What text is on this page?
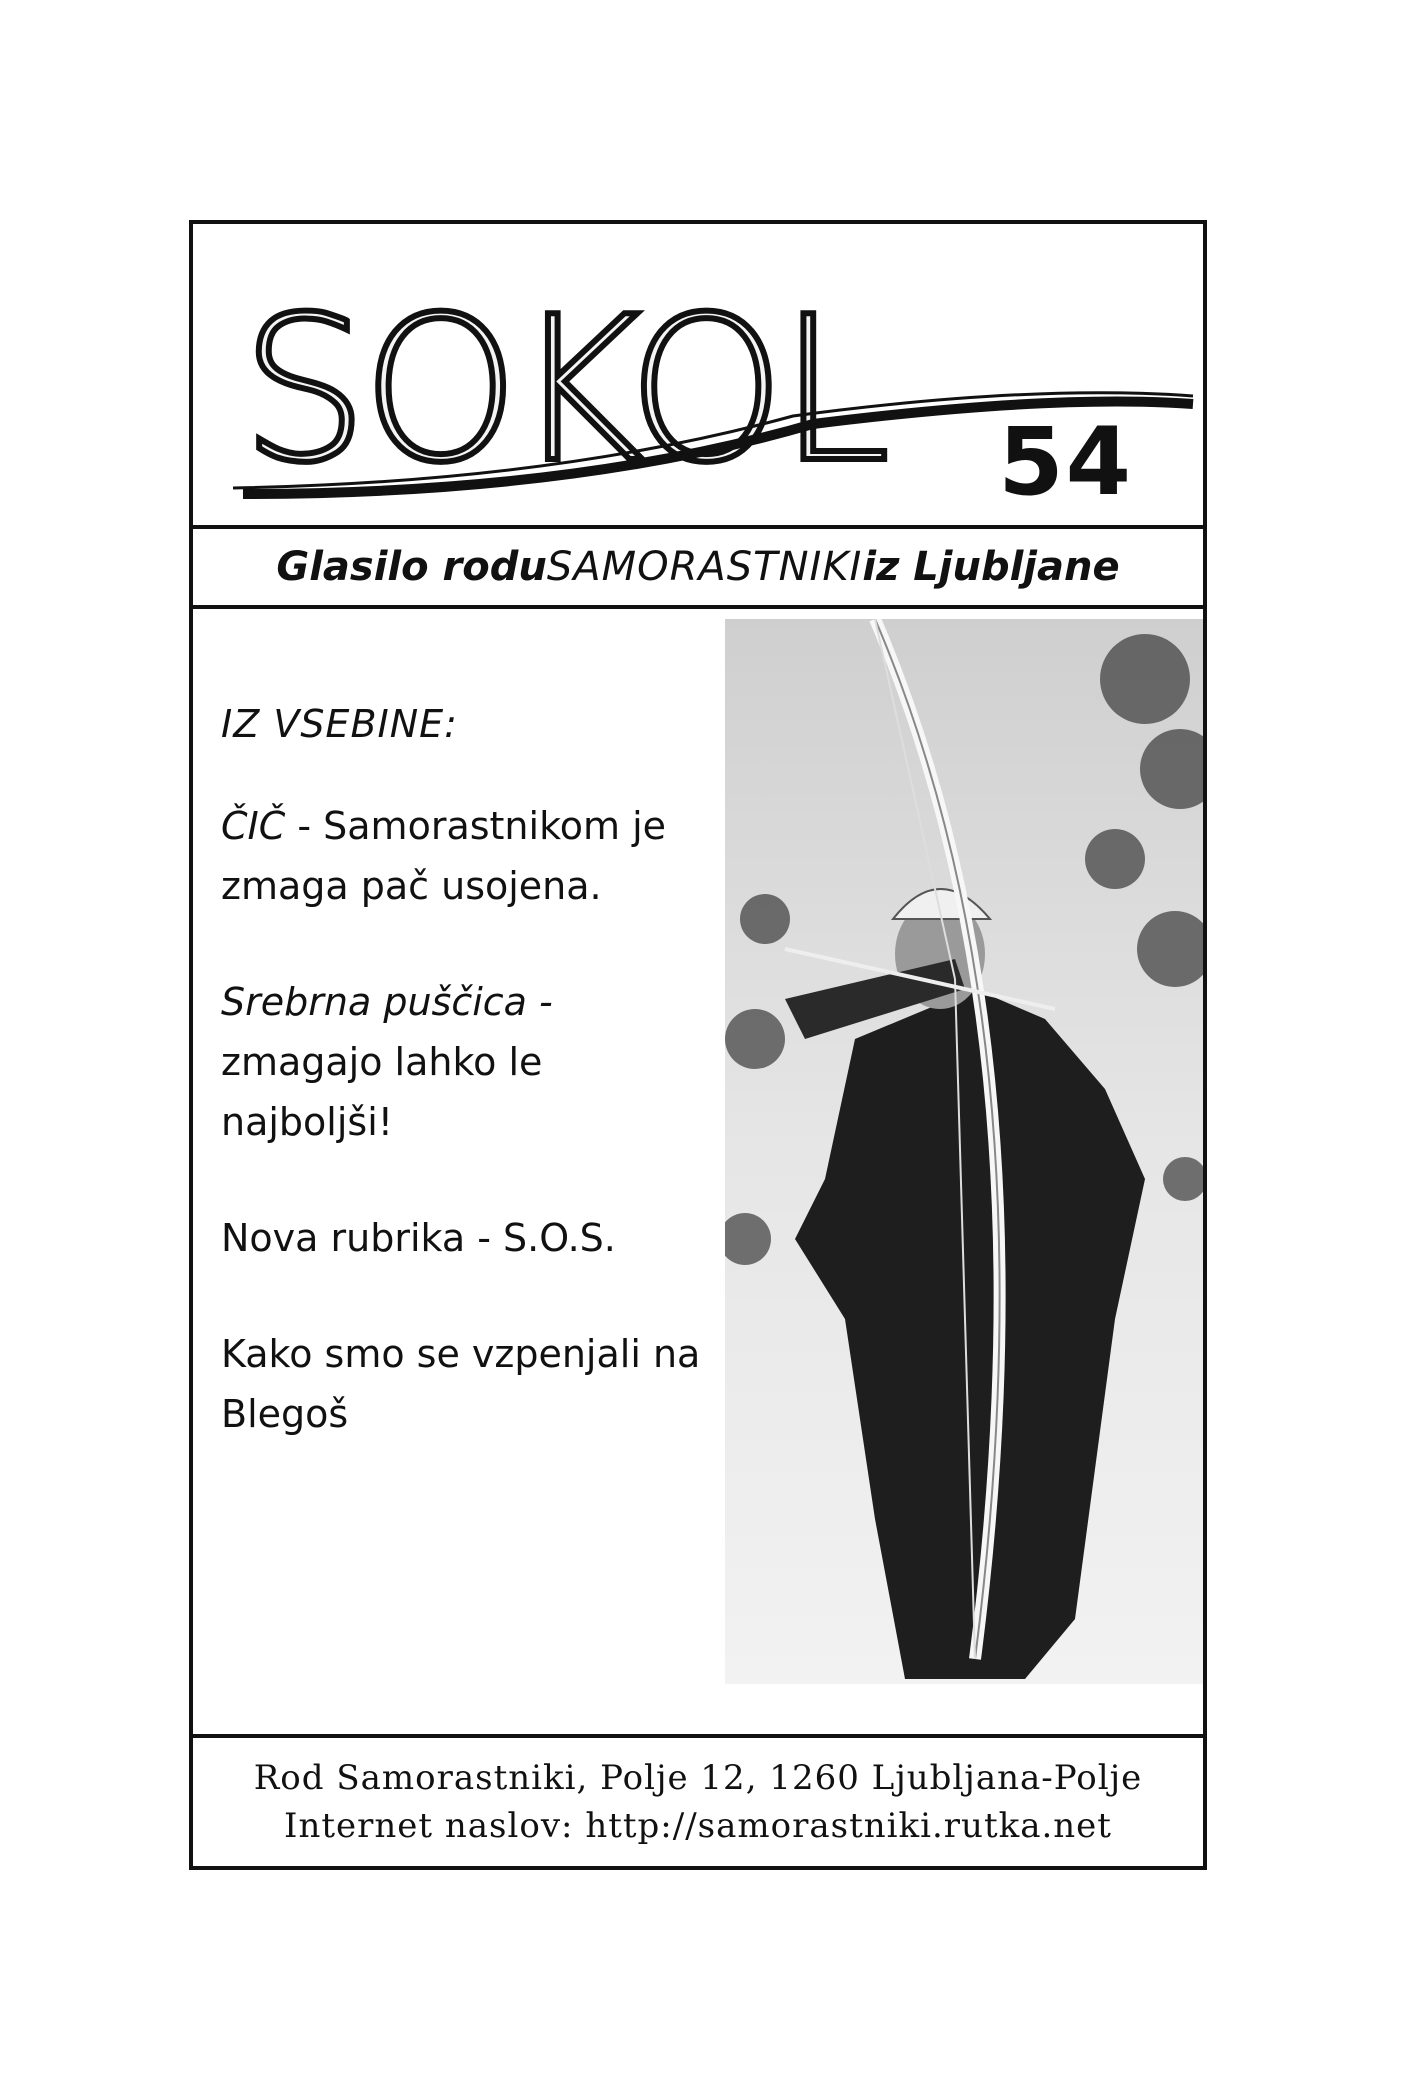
SOKOL 54
Glasilo rodu SAMORASTNIKI iz Ljubljane
IZ VSEBINE:
ČIČ - Samorastnikom je zmaga pač usojena.
Srebrna puščica - zmagajo lahko le najboljši!
Nova rubrika - S.O.S.
Kako smo se vzpenjali na Blegoš
Rod Samorastniki, Polje 12, 1260 Ljubljana-Polje
Internet naslov: http://samorastniki.rutka.net
